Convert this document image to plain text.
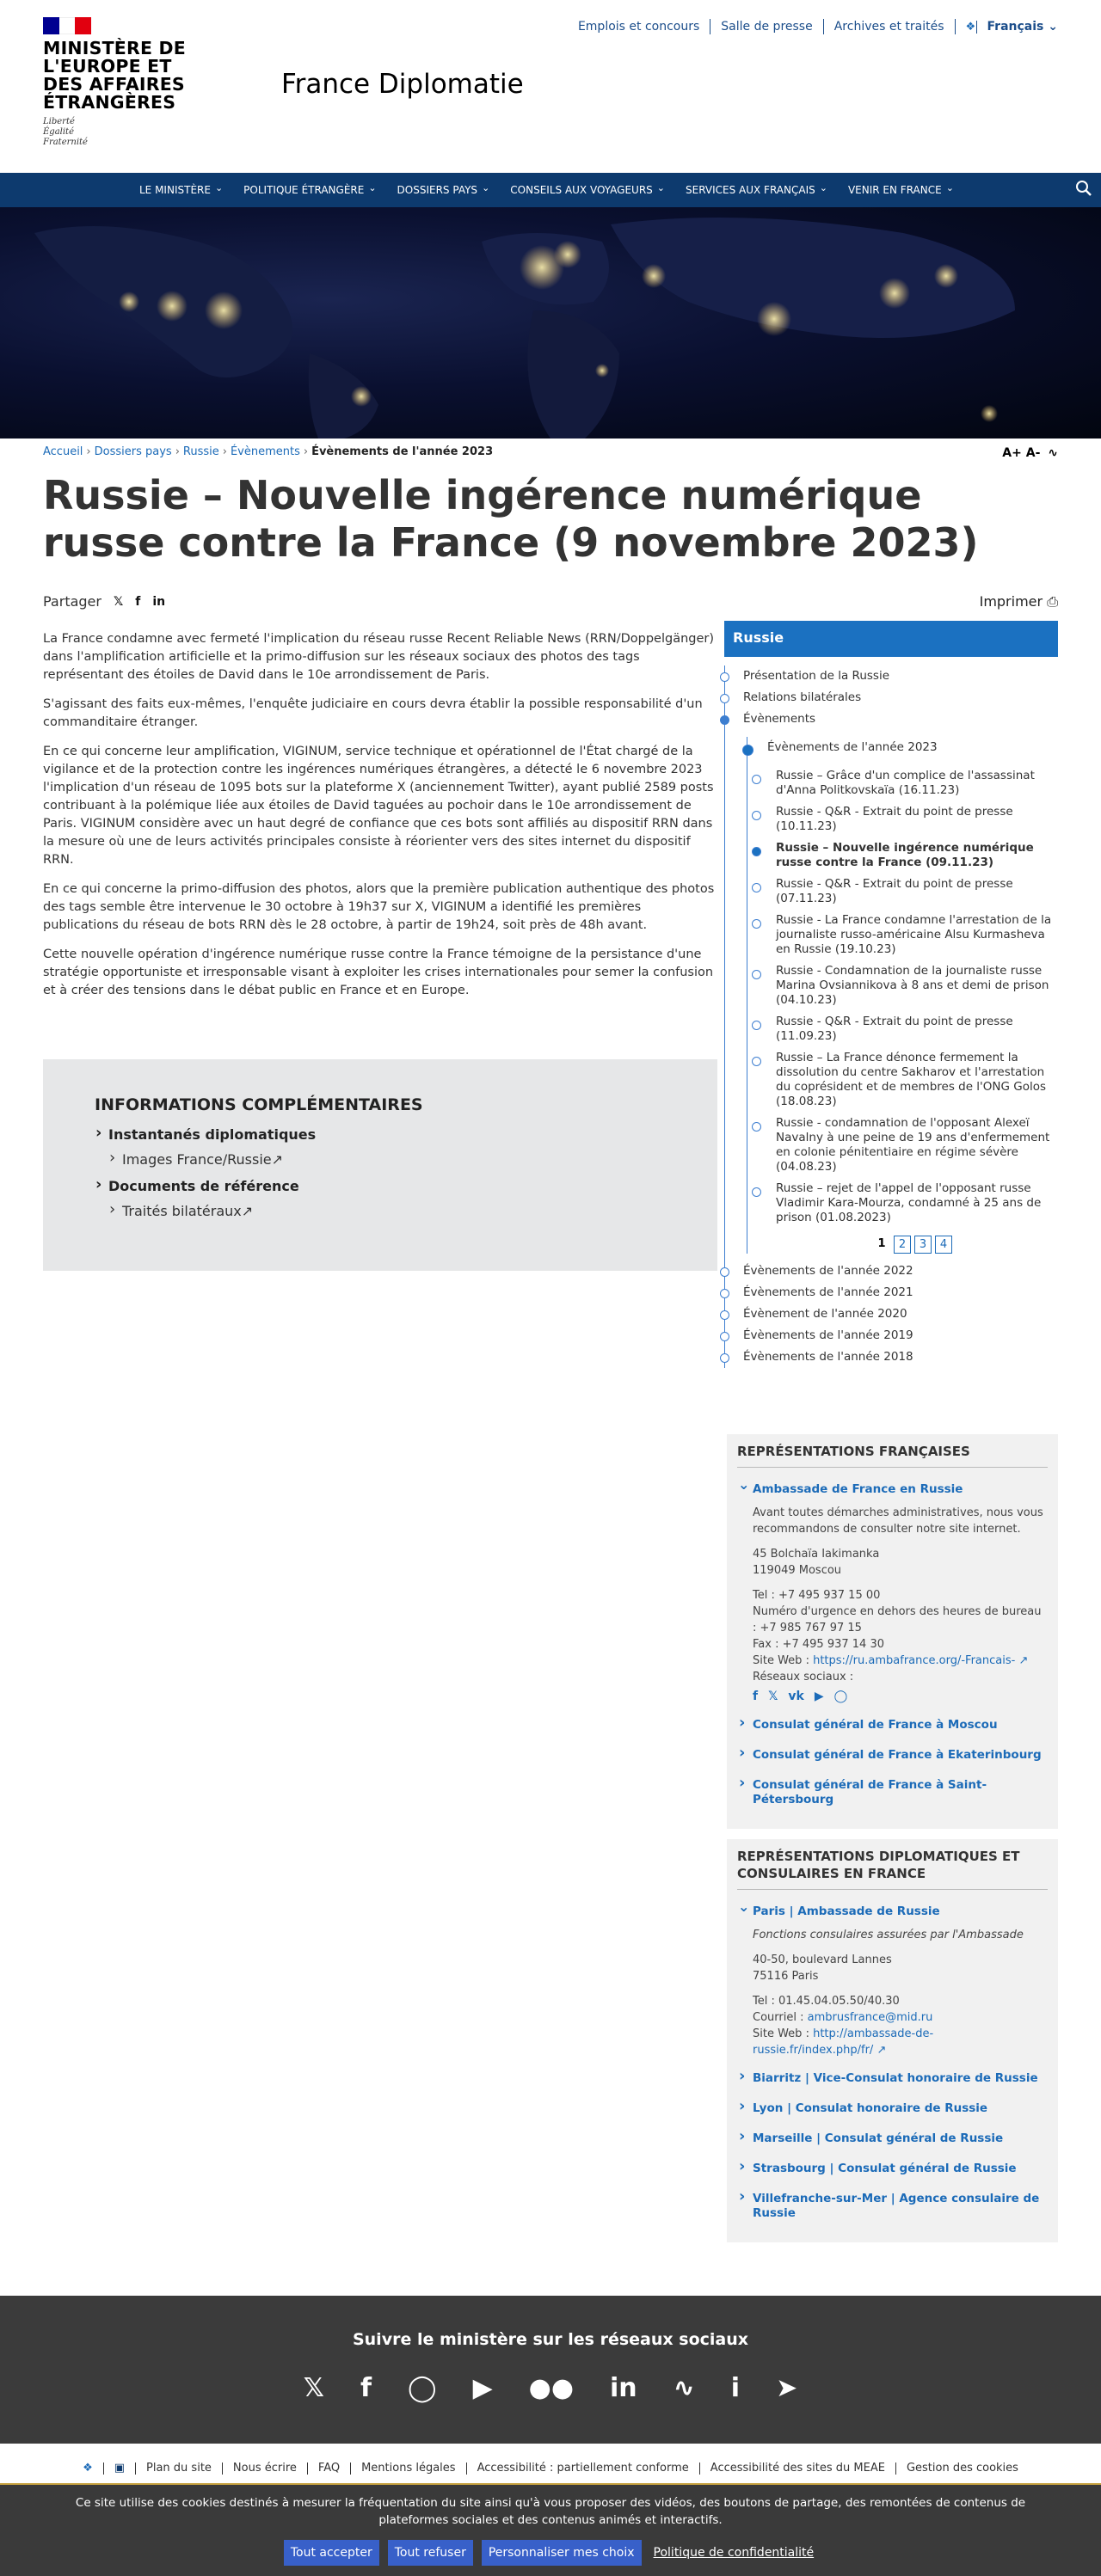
MINISTÈRE DE L'EUROPE ET DES AFFAIRES ÉTRANGÈRES
Liberté
Égalité
Fraternité
France Diplomatie
Emplois et concours	Salle de presse	Archives et traités	❖ Français ⌄
LE MINISTÈRE ⌄	POLITIQUE ÉTRANGÈRE ⌄	DOSSIERS PAYS ⌄	CONSEILS AUX VOYAGEURS ⌄	SERVICES AUX FRANÇAIS ⌄	VENIR EN FRANCE ⌄
Accueil › Dossiers pays › Russie › Évènements › Évènements de l'année 2023	A+ A- ∿
Russie – Nouvelle ingérence numérique russe contre la France (9 novembre 2023)
Partager 𝕏 f in	Imprimer ⎙

La France condamne avec fermeté l'implication du réseau russe Recent Reliable News (RRN/Doppelgänger) dans l'amplification artificielle et la primo-diffusion sur les réseaux sociaux des photos des tags représentant des étoiles de David dans le 10e arrondissement de Paris.

S'agissant des faits eux-mêmes, l'enquête judiciaire en cours devra établir la possible responsabilité d'un commanditaire étranger.

En ce qui concerne leur amplification, VIGINUM, service technique et opérationnel de l'État chargé de la vigilance et de la protection contre les ingérences numériques étrangères, a détecté le 6 novembre 2023 l'implication d'un réseau de 1095 bots sur la plateforme X (anciennement Twitter), ayant publié 2589 posts contribuant à la polémique liée aux étoiles de David taguées au pochoir dans le 10e arrondissement de Paris. VIGINUM considère avec un haut degré de confiance que ces bots sont affiliés au dispositif RRN dans la mesure où une de leurs activités principales consiste à réorienter vers des sites internet du dispositif RRN.

En ce qui concerne la primo-diffusion des photos, alors que la première publication authentique des photos des tags semble être intervenue le 30 octobre à 19h37 sur X, VIGINUM a identifié les premières publications du réseau de bots RRN dès le 28 octobre, à partir de 19h24, soit près de 48h avant.

Cette nouvelle opération d'ingérence numérique russe contre la France témoigne de la persistance d'une stratégie opportuniste et irresponsable visant à exploiter les crises internationales pour semer la confusion et à créer des tensions dans le débat public en France et en Europe.

INFORMATIONS COMPLÉMENTAIRES
› Instantanés diplomatiques
› Images France/Russie↗
› Documents de référence
› Traités bilatéraux↗
Russie
Présentation de la Russie
Relations bilatérales
Évènements
Évènements de l'année 2023
Russie – Grâce d'un complice de l'assassinat d'Anna Politkovskaïa (16.11.23)
Russie - Q&R - Extrait du point de presse (10.11.23)
Russie – Nouvelle ingérence numérique russe contre la France (09.11.23)
Russie - Q&R - Extrait du point de presse (07.11.23)
Russie - La France condamne l'arrestation de la journaliste russo-américaine Alsu Kurmasheva en Russie (19.10.23)
Russie - Condamnation de la journaliste russe Marina Ovsiannikova à 8 ans et demi de prison (04.10.23)
Russie - Q&R - Extrait du point de presse (11.09.23)
Russie – La France dénonce fermement la dissolution du centre Sakharov et l'arrestation du coprésident et de membres de l'ONG Golos (18.08.23)
Russie - condamnation de l'opposant Alexeï Navalny à une peine de 19 ans d'enfermement en colonie pénitentiaire en régime sévère (04.08.23)
Russie – rejet de l'appel de l'opposant russe Vladimir Kara-Mourza, condamné à 25 ans de prison (01.08.2023)
1	2	3	4
Évènements de l'année 2022
Évènements de l'année 2021
Évènement de l'année 2020
Évènements de l'année 2019
Évènements de l'année 2018
REPRÉSENTATIONS FRANÇAISES
⌄ Ambassade de France en Russie

Avant toutes démarches administratives, nous vous recommandons de consulter notre site internet.

45 Bolchaïa Iakimanka
119049 Moscou

Tel : +7 495 937 15 00
Numéro d'urgence en dehors des heures de bureau : +7 985 767 97 15
Fax : +7 495 937 14 30
Site Web : https://ru.ambafrance.org/-Francais- ↗
Réseaux sociaux :
f 𝕏 vk ▶ ◯
› Consulat général de France à Moscou
› Consulat général de France à Ekaterinbourg
› Consulat général de France à Saint-Pétersbourg
REPRÉSENTATIONS DIPLOMATIQUES ET CONSULAIRES EN FRANCE
⌄ Paris | Ambassade de Russie

Fonctions consulaires assurées par l'Ambassade

40-50, boulevard Lannes
75116 Paris

Tel : 01.45.04.05.50/40.30
Courriel : ambrusfrance@mid.ru
Site Web : http://ambassade-de-russie.fr/index.php/fr/ ↗
› Biarritz | Vice-Consulat honoraire de Russie
› Lyon | Consulat honoraire de Russie
› Marseille | Consulat général de Russie
› Strasbourg | Consulat général de Russie
› Villefranche-sur-Mer | Agence consulaire de Russie
Suivre le ministère sur les réseaux sociaux
𝕏 f ◯ ▶ ●● in ∿ i ➤
❖	▣	Plan du site	Nous écrire	FAQ	Mentions légales	Accessibilité : partiellement conforme	Accessibilité des sites du MEAE	Gestion des cookies

Ce site utilise des cookies destinés à mesurer la fréquentation du site ainsi qu'à vous proposer des vidéos, des boutons de partage, des remontées de contenus de plateformes sociales et des contenus animés et interactifs.

Tout accepter	Tout refuser	Personnaliser mes choix	Politique de confidentialité
